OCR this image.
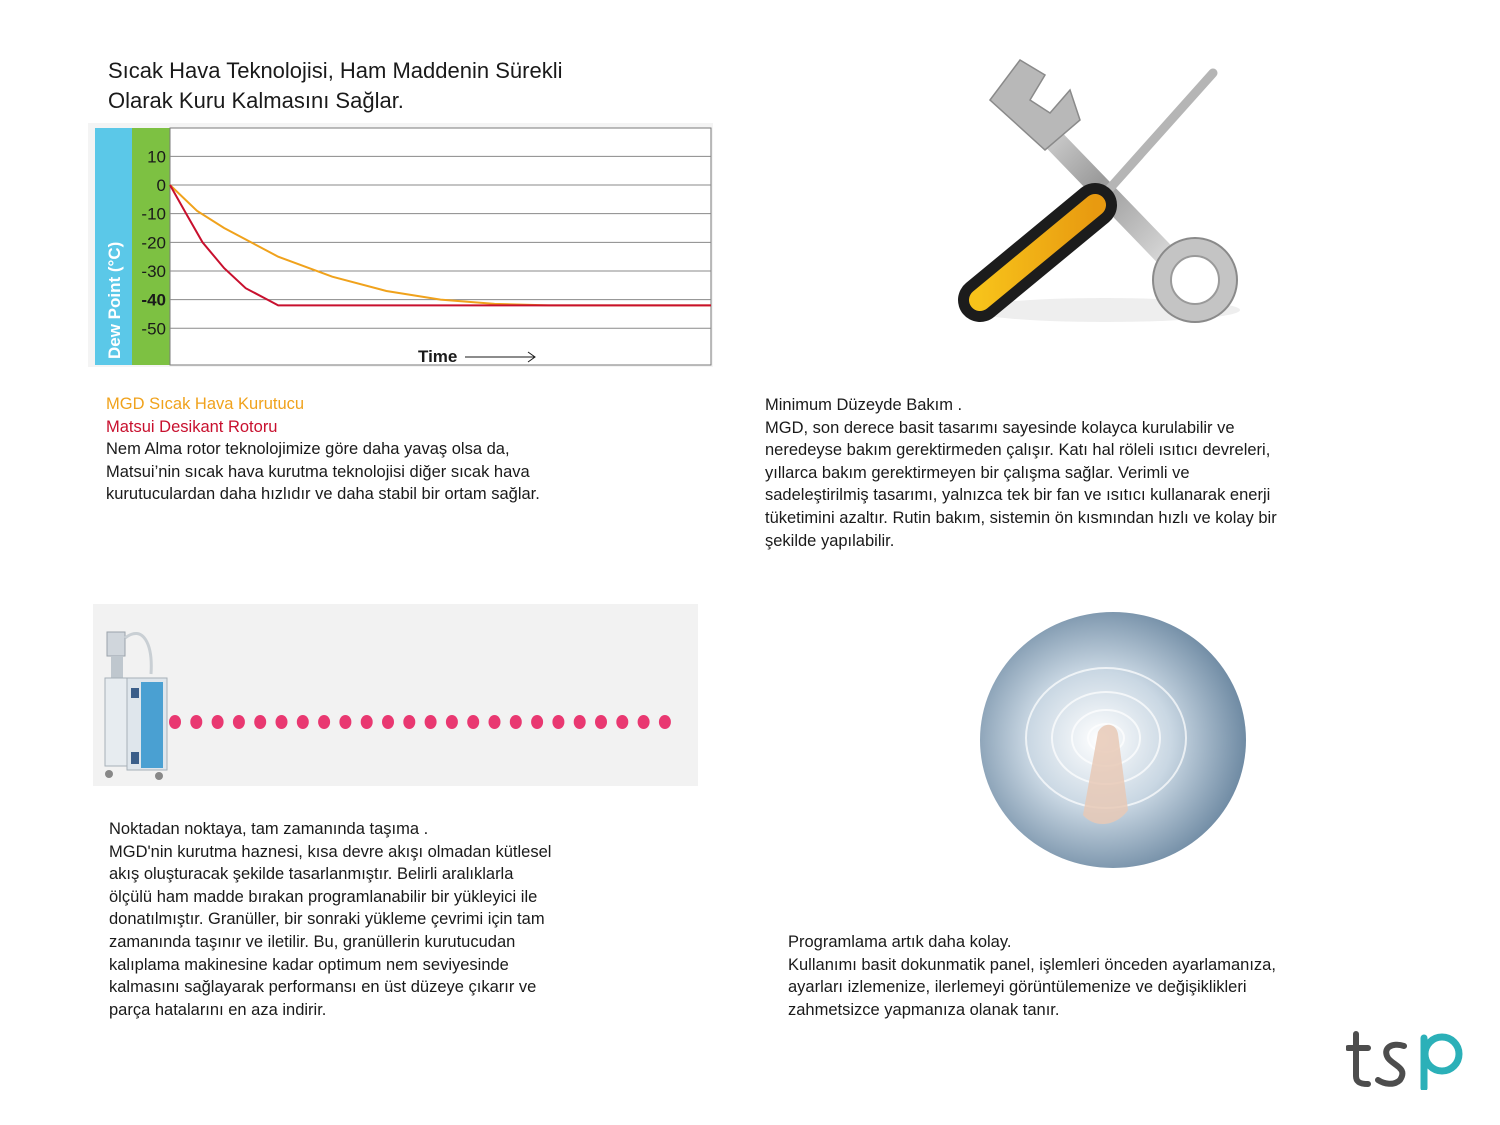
Sıcak Hava Teknolojisi, Ham Maddenin Sürekli
Olarak Kuru Kalmasını Sağlar.
10
0
-10
-20
-30
-40
-50
Dew Point (°C)	Time
MGD Sıcak Hava Kurutucu
Matsui Desikant Rotoru
Nem Alma rotor teknolojimize göre daha yavaş olsa da,
Matsui’nin sıcak hava kurutma teknolojisi diğer sıcak hava
kurutuculardan daha hızlıdır ve daha stabil bir ortam sağlar.
Minimum Düzeyde Bakım .
MGD, son derece basit tasarımı sayesinde kolayca kurulabilir ve
neredeyse bakım gerektirmeden çalışır. Katı hal röleli ısıtıcı devreleri,
yıllarca bakım gerektirmeyen bir çalışma sağlar. Verimli ve
sadeleştirilmiş tasarımı, yalnızca tek bir fan ve ısıtıcı kullanarak enerji
tüketimini azaltır. Rutin bakım, sistemin ön kısmından hızlı ve kolay bir
şekilde yapılabilir.
Noktadan noktaya, tam zamanında taşıma .
MGD'nin kurutma haznesi, kısa devre akışı olmadan kütlesel
akış oluşturacak şekilde tasarlanmıştır. Belirli aralıklarla
ölçülü ham madde bırakan programlanabilir bir yükleyici ile
donatılmıştır. Granüller, bir sonraki yükleme çevrimi için tam
zamanında taşınır ve iletilir. Bu, granüllerin kurutucudan
kalıplama makinesine kadar optimum nem seviyesinde
kalmasını sağlayarak performansı en üst düzeye çıkarır ve
parça hatalarını en aza indirir.
Programlama artık daha kolay.
Kullanımı basit dokunmatik panel, işlemleri önceden ayarlamanıza,
ayarları izlemenize, ilerlemeyi görüntülemenize ve değişiklikleri
zahmetsizce yapmanıza olanak tanır.
tsp
